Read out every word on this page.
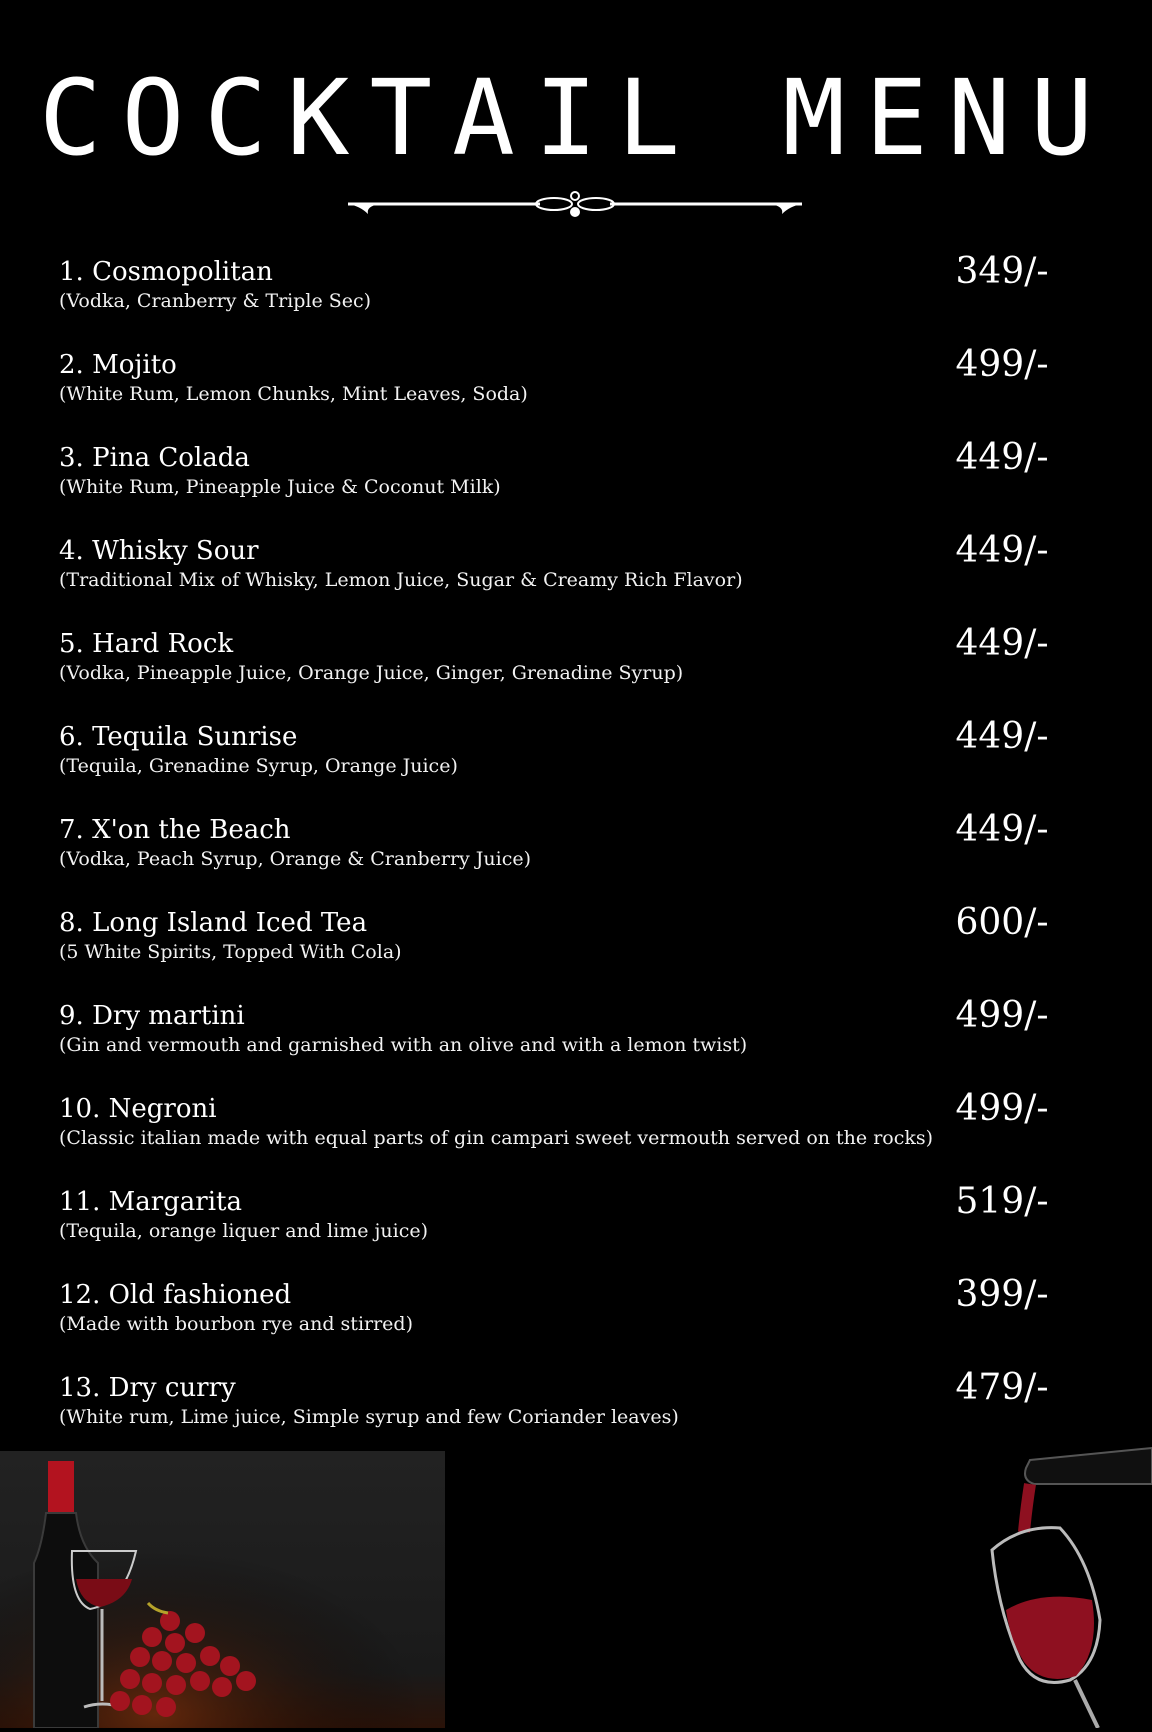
COCKTAIL MENU
1. Cosmopolitan
(Vodka, Cranberry & Triple Sec)
349/-
2. Mojito
(White Rum, Lemon Chunks, Mint Leaves, Soda)
499/-
3. Pina Colada
(White Rum, Pineapple Juice & Coconut Milk)
449/-
4. Whisky Sour
(Traditional Mix of Whisky, Lemon Juice, Sugar & Creamy Rich Flavor)
449/-
5. Hard Rock
(Vodka, Pineapple Juice, Orange Juice, Ginger, Grenadine Syrup)
449/-
6. Tequila Sunrise
(Tequila, Grenadine Syrup, Orange Juice)
449/-
7. X'on the Beach
(Vodka, Peach Syrup, Orange & Cranberry Juice)
449/-
8. Long Island Iced Tea
(5 White Spirits, Topped With Cola)
600/-
9. Dry martini
(Gin and vermouth and garnished with an olive and with a lemon twist)
499/-
10. Negroni
(Classic italian made with equal parts of gin campari sweet vermouth served on the rocks)
499/-
11. Margarita
(Tequila, orange liquer and lime juice)
519/-
12. Old fashioned
(Made with bourbon rye and stirred)
399/-
13. Dry curry
(White rum, Lime juice, Simple syrup and few Coriander leaves)
479/-
